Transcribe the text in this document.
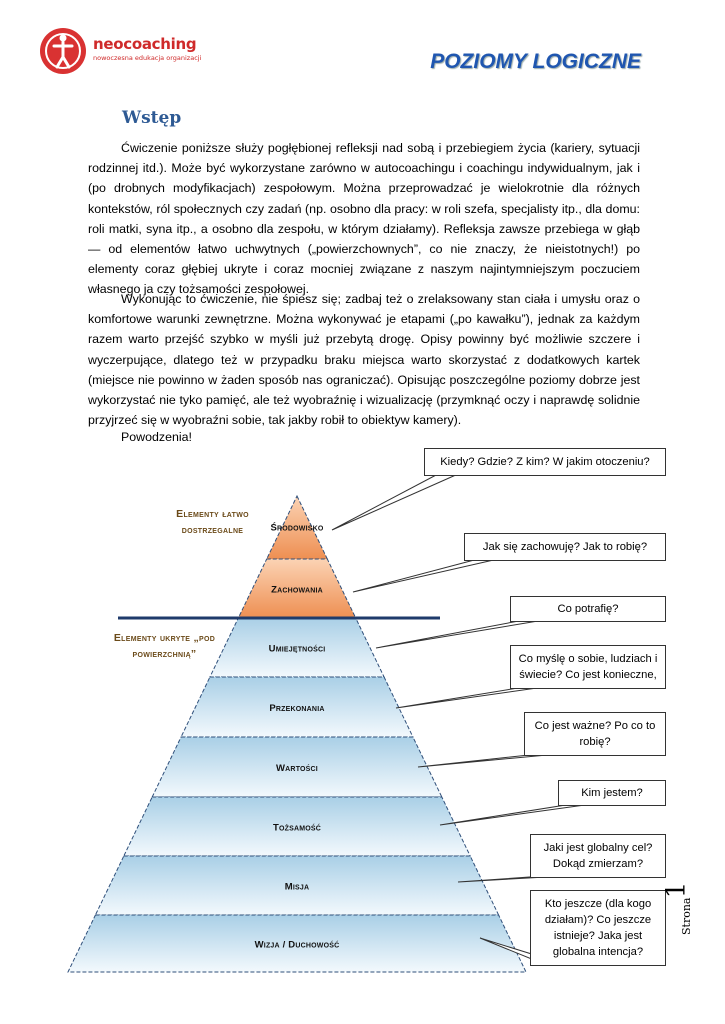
neocoaching
nowoczesna edukacja organizacji	POZIOMY LOGICZNE
Wstęp

Ćwiczenie poniższe służy pogłębionej refleksji nad sobą i przebiegiem życia (kariery, sytuacji rodzinnej itd.). Może być wykorzystane zarówno w autocoachingu i coachingu indywidualnym, jak i (po drobnych modyfikacjach) zespołowym. Można przeprowadzać je wielokrotnie dla różnych kontekstów, ról społecznych czy zadań (np. osobno dla pracy: w roli szefa, specjalisty itp., dla domu: roli matki, syna itp., a osobno dla zespołu, w którym działamy). Refleksja zawsze przebiega w głąb — od elementów łatwo uchwytnych („powierzchownych”, co nie znaczy, że nieistotnych!) po elementy coraz głębiej ukryte i coraz mocniej związane z naszym najintymniejszym poczuciem własnego ja czy tożsamości zespołowej.

Wykonując to ćwiczenie, nie śpiesz się; zadbaj też o zrelaksowany stan ciała i umysłu oraz o komfortowe warunki zewnętrzne. Można wykonywać je etapami („po kawałku”), jednak za każdym razem warto przejść szybko w myśli już przebytą drogę. Opisy powinny być możliwie szczere i wyczerpujące, dlatego też w przypadku braku miejsca warto skorzystać z dodatkowych kartek (miejsce nie powinno w żaden sposób nas ograniczać). Opisując poszczególne poziomy dobrze jest wykorzystać nie tyko pamięć, ale też wyobraźnię i wizualizację (przymknąć oczy i naprawdę solidnie przyjrzeć się w wyobraźni sobie, tak jakby robił to obiektyw kamery).

Powodzenia!

Środowisko
Zachowania
Umiejętności
Przekonania
Wartości
Tożsamość
Misja
Wizja / Duchowość
Elementy łatwo dostrzegalne
Elementy ukryte „pod powierzchnią”
Kiedy? Gdzie? Z kim? W jakim otoczeniu?
Jak się zachowuję? Jak to robię?
Co potrafię?
Co myślę o sobie, ludziach i świecie? Co jest konieczne,
Co jest ważne? Po co to robię?
Kim jestem?
Jaki jest globalny cel? Dokąd zmierzam?
Kto jeszcze (dla kogo działam)? Co jeszcze istnieje? Jaka jest globalna intencja?
Strona
1
